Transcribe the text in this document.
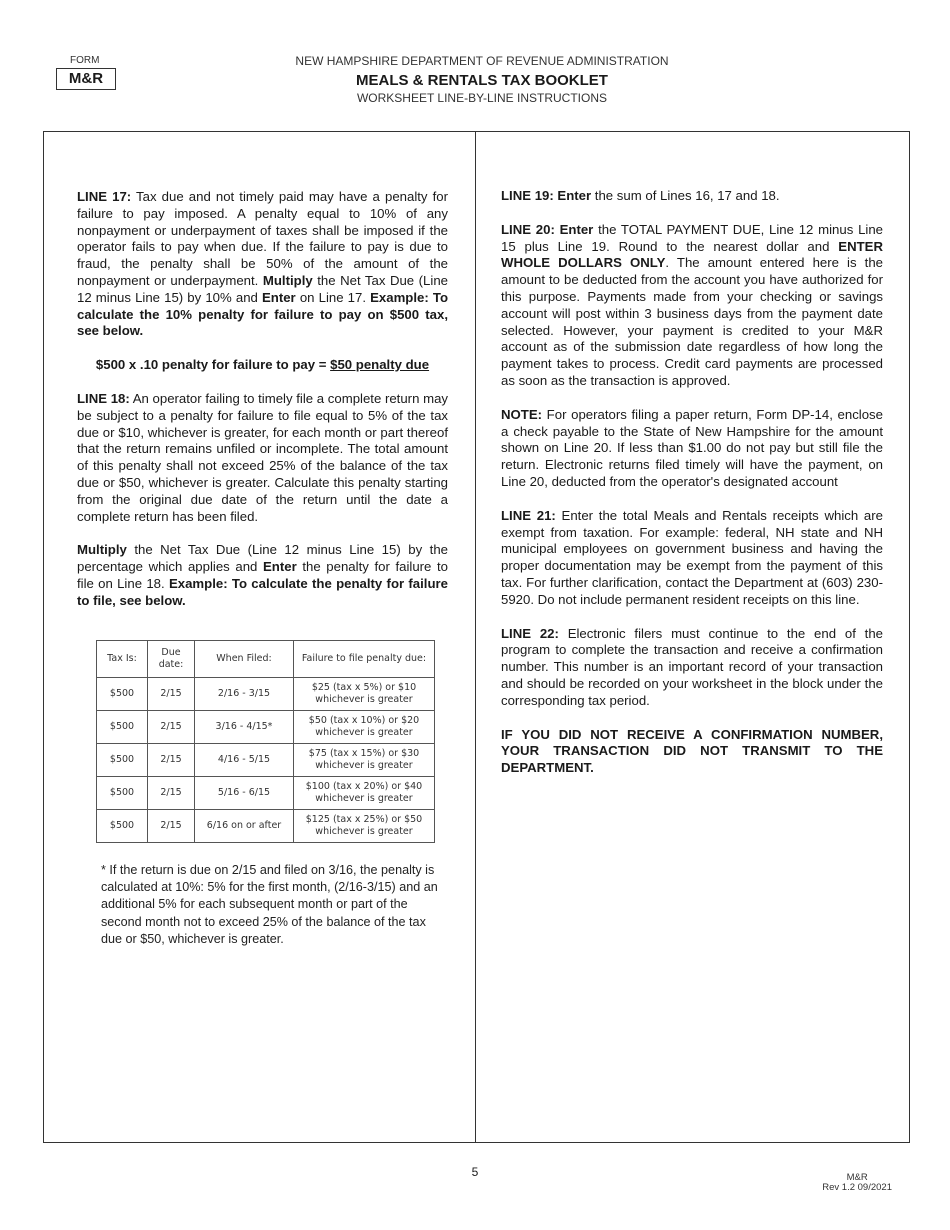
FORM
M&R
NEW HAMPSHIRE DEPARTMENT OF REVENUE ADMINISTRATION
MEALS & RENTALS TAX BOOKLET
WORKSHEET LINE-BY-LINE INSTRUCTIONS

LINE 17: Tax due and not timely paid may have a penalty for failure to pay imposed. A penalty equal to 10% of any nonpayment or underpayment of taxes shall be imposed if the operator fails to pay when due. If the failure to pay is due to fraud, the penalty shall be 50% of the amount of the nonpayment or underpayment. Multiply the Net Tax Due (Line 12 minus Line 15) by 10% and Enter on Line 17. Example: To calculate the 10% penalty for failure to pay on $500 tax, see below.

$500 x .10 penalty for failure to pay = $50 penalty due

LINE 18: An operator failing to timely file a complete return may be subject to a penalty for failure to file equal to 5% of the tax due or $10, whichever is greater, for each month or part thereof that the return remains unfiled or incomplete. The total amount of this penalty shall not exceed 25% of the balance of the tax due or $50, whichever is greater. Calculate this penalty starting from the original due date of the return until the date a complete return has been filed.

Multiply the Net Tax Due (Line 12 minus Line 15) by the percentage which applies and Enter the penalty for failure to file on Line 18. Example: To calculate the penalty for failure to file, see below.

Tax Is:	Due date:	When Filed:	Failure to file penalty due:
$500	2/15	2/16 - 3/15	$25 (tax x 5%) or $10 whichever is greater
$500	2/15	3/16 - 4/15*	$50 (tax x 10%) or $20 whichever is greater
$500	2/15	4/16 - 5/15	$75 (tax x 15%) or $30 whichever is greater
$500	2/15	5/16 - 6/15	$100 (tax x 20%) or $40 whichever is greater
$500	2/15	6/16 on or after	$125 (tax x 25%) or $50 whichever is greater
* If the return is due on 2/15 and filed on 3/16, the penalty is calculated at 10%: 5% for the first month, (2/16-3/15) and an additional 5% for each subsequent month or part of the second month not to exceed 25% of the balance of the tax due or $50, whichever is greater.

LINE 19: Enter the sum of Lines 16, 17 and 18.

LINE 20: Enter the TOTAL PAYMENT DUE, Line 12 minus Line 15 plus Line 19. Round to the nearest dollar and ENTER WHOLE DOLLARS ONLY. The amount entered here is the amount to be deducted from the account you have authorized for this purpose. Payments made from your checking or savings account will post within 3 business days from the payment date selected. However, your payment is credited to your M&R account as of the submission date regardless of how long the payment takes to process. Credit card payments are processed as soon as the transaction is approved.

NOTE: For operators filing a paper return, Form DP-14, enclose a check payable to the State of New Hampshire for the amount shown on Line 20. If less than $1.00 do not pay but still file the return. Electronic returns filed timely will have the payment, on Line 20, deducted from the operator's designated account

LINE 21: Enter the total Meals and Rentals receipts which are exempt from taxation. For example: federal, NH state and NH municipal employees on government business and having the proper documentation may be exempt from the payment of this tax. For further clarification, contact the Department at (603) 230-5920. Do not include permanent resident receipts on this line.

LINE 22: Electronic filers must continue to the end of the program to complete the transaction and receive a confirmation number. This number is an important record of your transaction and should be recorded on your worksheet in the block under the corresponding tax period.

IF YOU DID NOT RECEIVE A CONFIRMATION NUMBER, YOUR TRANSACTION DID NOT TRANSMIT TO THE DEPARTMENT.

5	M&R
Rev 1.2 09/2021
